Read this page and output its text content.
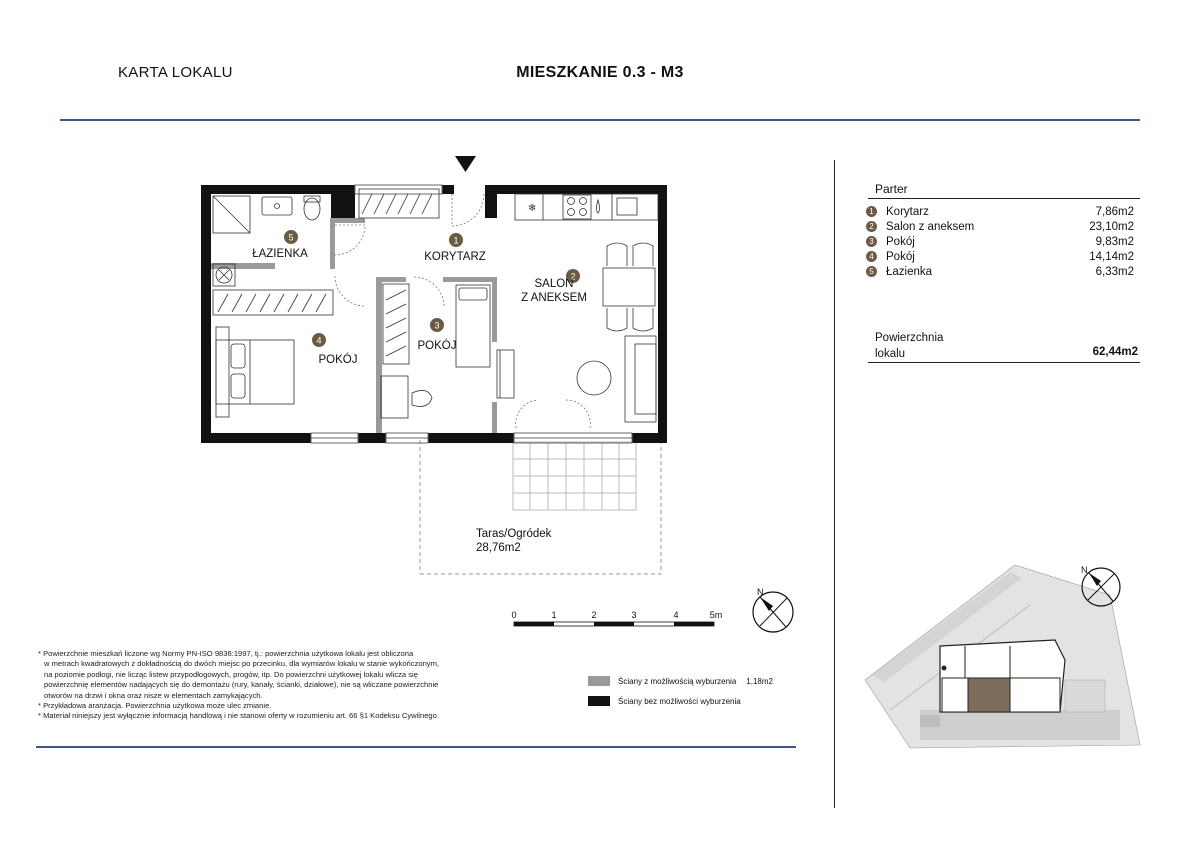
KARTA LOKALU	MIESZKANIE 0.3 - M3
❄
1
2
3
4
5
0	1	2	3	4	5m
N
KORYTARZ
ŁAZIENKA
SALON
Z ANEKSEM
POKÓJ
POKÓJ
Taras/Ogródek
28,76m2
Parter
1 Korytarz	7,86m2
2 Salon z aneksem	23,10m2
3 Pokój	9,83m2
4 Pokój	14,14m2
5 Łazienka	6,33m2
Powierzchnia
lokalu	62,44m2
N
Ściany z możliwością wyburzenia 1,18m2
Ściany bez możliwości wyburzenia

* Powierzchnie mieszkań liczone wg Normy PN-ISO 9836:1997, tj.: powierzchnia użytkowa lokalu jest obliczona

w metrach kwadratowych z dokładnością do dwóch miejsc po przecinku, dla wymiarów lokalu w stanie wykończonym,

na poziomie podłogi, nie licząc listew przypodłogowych, progów, itp. Do powierzchni użytkowej lokalu wlicza się

powierzchnię elementów nadających się do demontażu (rury, kanały, ścianki, działowe), nie są wliczane powierzchnie

otworów na drzwi i okna oraz nisze w elementach zamykających.

* Przykładowa aranżacja. Powierzchnia użytkowa może ulec zmianie.

* Materiał niniejszy jest wyłącznie informacją handlową i nie stanowi oferty w rozumieniu art. 66 §1 Kodeksu Cywilnego.
